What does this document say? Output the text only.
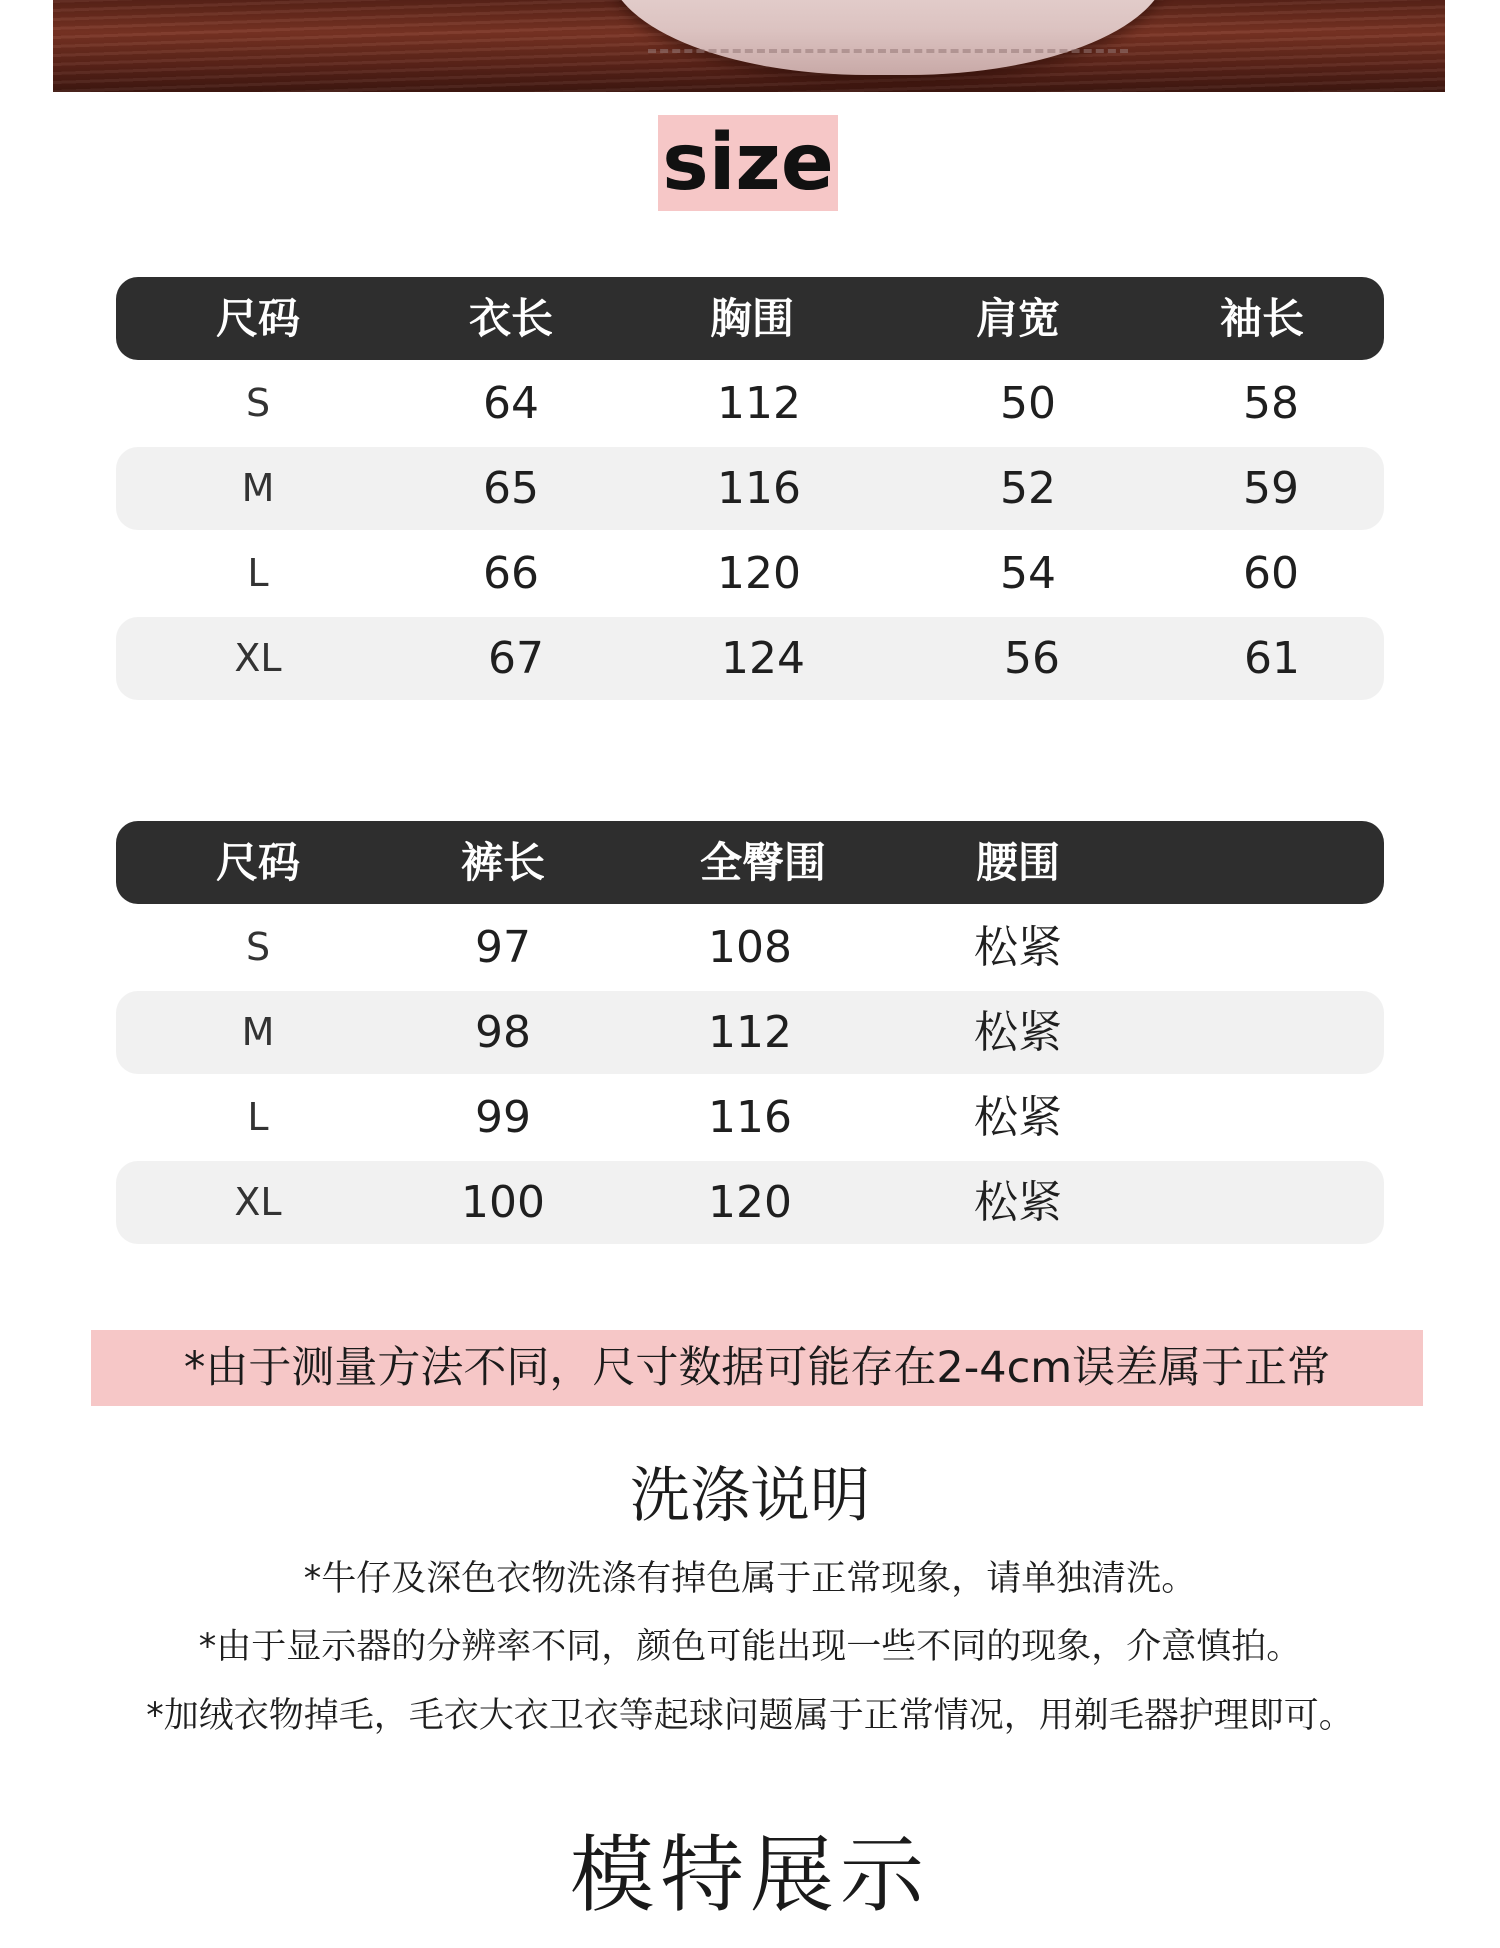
size
尺码	衣长	胸围	肩宽	袖长
S	64	112	50	58
M	65	116	52	59
L	66	120	54	60
XL	67	124	56	61
尺码	裤长	全臀围	腰围
S	97	108	松紧
M	98	112	松紧
L	99	116	松紧
XL	100	120	松紧
*由于测量方法不同，尺寸数据可能存在2-4cm误差属于正常
洗涤说明
*牛仔及深色衣物洗涤有掉色属于正常现象，请单独清洗。
*由于显示器的分辨率不同，颜色可能出现一些不同的现象，介意慎拍。
*加绒衣物掉毛，毛衣大衣卫衣等起球问题属于正常情况，用剃毛器护理即可。
模特展示
